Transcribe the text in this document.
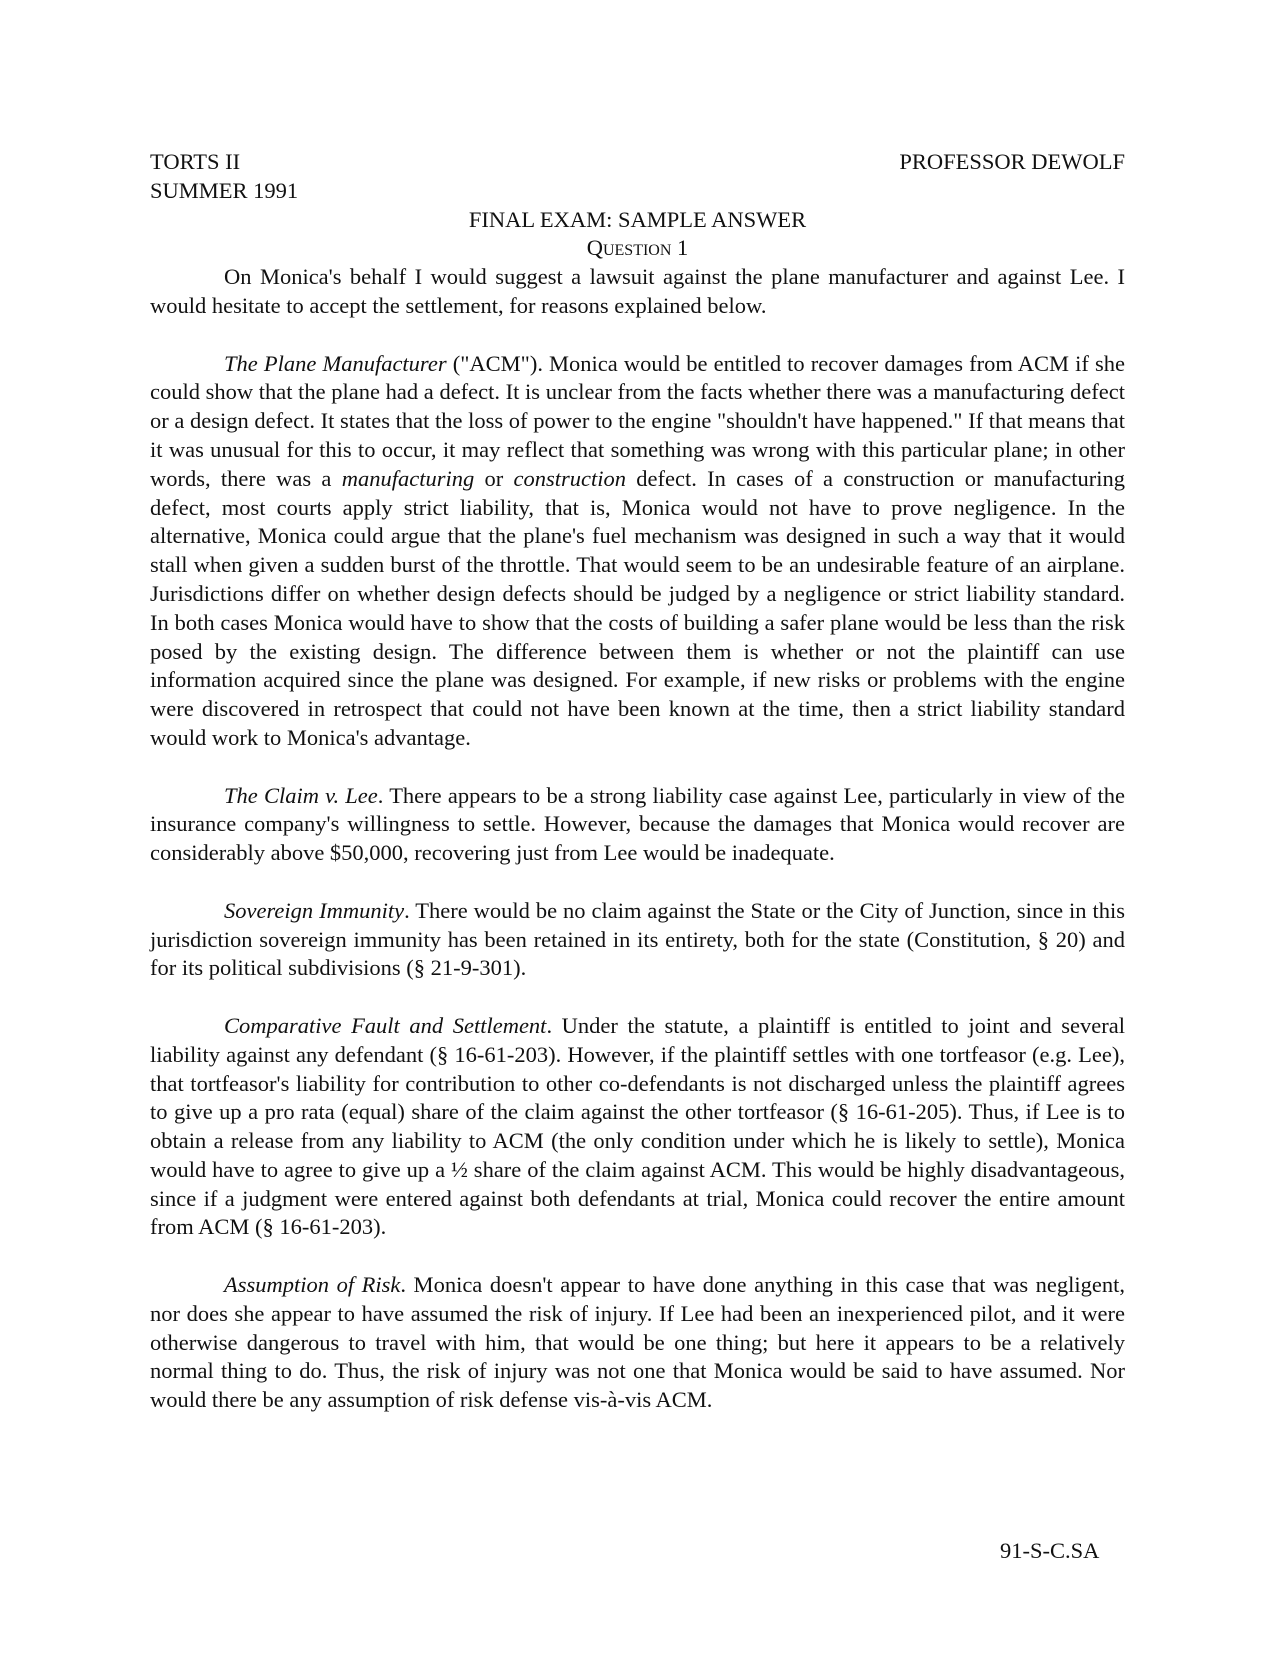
TORTS II	PROFESSOR DEWOLF
SUMMER 1991
FINAL EXAM: SAMPLE ANSWER
Question 1

On Monica's behalf I would suggest a lawsuit against the plane manufacturer and against Lee. I would hesitate to accept the settlement, for reasons explained below.

The Plane Manufacturer ("ACM"). Monica would be entitled to recover damages from ACM if she could show that the plane had a defect. It is unclear from the facts whether there was a manufacturing defect or a design defect. It states that the loss of power to the engine "shouldn't have happened." If that means that it was unusual for this to occur, it may reflect that something was wrong with this particular plane; in other words, there was a manufacturing or construction defect. In cases of a construction or manufacturing defect, most courts apply strict liability, that is, Monica would not have to prove negligence. In the alternative, Monica could argue that the plane's fuel mechanism was designed in such a way that it would stall when given a sudden burst of the throttle. That would seem to be an undesirable feature of an airplane. Jurisdictions differ on whether design defects should be judged by a negligence or strict liability standard. In both cases Monica would have to show that the costs of building a safer plane would be less than the risk posed by the existing design. The difference between them is whether or not the plaintiff can use information acquired since the plane was designed. For example, if new risks or problems with the engine were discovered in retrospect that could not have been known at the time, then a strict liability standard would work to Monica's advantage.

The Claim v. Lee. There appears to be a strong liability case against Lee, particularly in view of the insurance company's willingness to settle. However, because the damages that Monica would recover are considerably above $50,000, recovering just from Lee would be inadequate.

Sovereign Immunity. There would be no claim against the State or the City of Junction, since in this jurisdiction sovereign immunity has been retained in its entirety, both for the state (Constitution, § 20) and for its political subdivisions (§ 21-9-301).

Comparative Fault and Settlement. Under the statute, a plaintiff is entitled to joint and several liability against any defendant (§ 16-61-203). However, if the plaintiff settles with one tortfeasor (e.g. Lee), that tortfeasor's liability for contribution to other co-defendants is not discharged unless the plaintiff agrees to give up a pro rata (equal) share of the claim against the other tortfeasor (§ 16-61-205). Thus, if Lee is to obtain a release from any liability to ACM (the only condition under which he is likely to settle), Monica would have to agree to give up a ½ share of the claim against ACM. This would be highly disadvantageous, since if a judgment were entered against both defendants at trial, Monica could recover the entire amount from ACM (§ 16-61-203).

Assumption of Risk. Monica doesn't appear to have done anything in this case that was negligent, nor does she appear to have assumed the risk of injury. If Lee had been an inexperienced pilot, and it were otherwise dangerous to travel with him, that would be one thing; but here it appears to be a relatively normal thing to do. Thus, the risk of injury was not one that Monica would be said to have assumed. Nor would there be any assumption of risk defense vis-à-vis ACM.

91-S-C.SA
